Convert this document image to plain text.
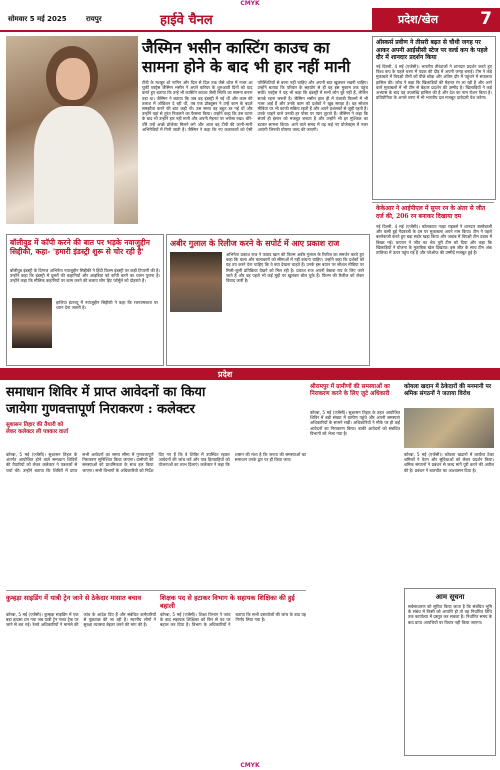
CMYK
सोमवार 5 मई 2025	रायपुर	हाईवे चैनल	प्रदेश/खेल 7
जैस्मिन भसीन कास्टिंग काउच का
सामना होने के बाद भी हार नहीं मानी
टीवी के मशहूर शो नागिन और दिल से दिल तक जैसे शोज में नजर आ चुकीं एक्ट्रेस जैस्मिन भसीन ने अपने करियर के शुरुआती दिनों को याद करते हुए बताया कि उन्हें भी कास्टिंग काउच जैसी स्थिति का सामना करना पड़ा था। जैस्मिन ने बताया कि जब वह इंडस्ट्री में नई थीं और काम की तलाश में ऑडिशन दे रही थीं, तब एक प्रोड्यूसर ने उन्हें काम के बदले समझौता करने की बात कही थी। उस समय वह बहुत डर गई थीं और उन्होंने वहां से तुरंत निकलने का फैसला किया। उन्होंने कहा कि उस घटना के बाद भी उन्होंने हार नहीं मानी और अपनी मेहनत पर भरोसा रखा। धीरे-धीरे उन्हें अच्छे प्रोजेक्ट मिलने लगे और आज वह टीवी की जानी-मानी अभिनेत्रियों में गिनी जाती हैं। जैस्मिन ने कहा कि नए कलाकारों को ऐसी परिस्थितियों से डरना नहीं चाहिए और अपनी बात खुलकर रखनी चाहिए। उन्होंने बताया कि परिवार के सहयोग से ही वह इस मुकाम तक पहुंच सकीं। एक्ट्रेस ने यह भी कहा कि इंडस्ट्री में सभी लोग बुरे नहीं हैं, लेकिन सतर्क रहना जरूरी है। जैस्मिन भसीन हाल ही में पंजाबी फिल्मों में भी नजर आई हैं और उनके काम को दर्शकों ने खूब सराहा है। वह सोशल मीडिया पर भी काफी सक्रिय रहती हैं और अपने प्रशंसकों से जुड़ी रहती हैं। उनके चाहने वाले उनकी हर पोस्ट पर प्यार लुटाते हैं। जैस्मिन ने कहा कि संघर्ष ही इंसान को मजबूत बनाता है और उन्होंने भी हर मुश्किल का डटकर सामना किया। आने वाले समय में वह कई नए प्रोजेक्ट्स में नजर आएंगी जिनकी घोषणा जल्द की जाएगी।
ऑस्कर्स प्रवीण ने तीसरी बढ़त से चौथी जगह पर आकर अपनी आईसीसी स्टेज पर वर्ल्ड कप के पहले दौर में शानदार प्रदर्शन किया
नई दिल्ली, 4 मई (एजेंसी)। भारतीय तीरंदाजों ने शानदार प्रदर्शन करते हुए विश्व कप के पहले चरण में पदक की दौड़ में अपनी जगह बनाई। टीम ने कड़े मुकाबले में विपक्षी टीमों को पीछे छोड़ा और अंतिम दौर में पहुंचने में सफलता हासिल की। कोच ने कहा कि खिलाड़ियों की मेहनत रंग ला रही है और आने वाले मुकाबलों में भी टीम से बेहतर प्रदर्शन की उम्मीद है। खिलाड़ियों ने कड़े अभ्यास के बाद यह उपलब्धि हासिल की है और देश का नाम रोशन किया है। प्रतियोगिता के अगले चरण में भी भारतीय दल मजबूत दावेदारी पेश करेगा।
केकेआर ने आईपीएल में सुपर रन के अंतर से जीत दर्ज की, 206 रन बनाकर दिखाया दम
नई दिल्ली, 4 मई (एजेंसी)। कोलकाता नाइट राइडर्स ने शानदार बल्लेबाजी और कसी हुई गेंदबाजी के दम पर मुकाबला अपने नाम किया। टीम ने पहले बल्लेबाजी करते हुए बड़ा स्कोर खड़ा किया और जवाब में विपक्षी टीम दबाव में बिखर गई। कप्तान ने जीत का श्रेय पूरी टीम को दिया और कहा कि खिलाड़ियों ने योजना के मुताबिक खेल दिखाया। इस जीत के साथ टीम अंक तालिका में ऊपर पहुंच गई है और प्लेऑफ की उम्मीदें मजबूत हुई हैं।
बॉलीवुड में कॉपी करने की बात पर भड़के नवाजुद्दीन सिद्दीकी, कहा- 'हमारी इंडस्ट्री शुरू से चोर रही है'
बॉलीवुड इंडस्ट्री के दिग्गज अभिनेता नवाजुद्दीन सिद्दीकी ने हिंदी फिल्म इंडस्ट्री पर कड़ी टिप्पणी की है। उन्होंने कहा कि इंडस्ट्री में दूसरों की कहानियों और आइडिया को कॉपी करने का चलन पुराना है। उन्होंने कहा कि मौलिक कहानियों पर काम करने की बजाय लोग हिट फॉर्मूले को दोहराते हैं।
हालिया इंटरव्यू में नवाजुद्दीन सिद्दीकी ने कहा कि रचनात्मकता पर ध्यान देना जरूरी है।
अबीर गुलाल के रिलीज करने के सपोर्ट में आए प्रकाश राज
अभिनेता प्रकाश राज ने फवाद खान की फिल्म अबीर गुलाल के रिलीज का समर्थन करते हुए कहा कि कला और कलाकारों को सीमाओं में नहीं बांधना चाहिए। उन्होंने कहा कि दर्शकों को यह तय करने देना चाहिए कि वे क्या देखना चाहते हैं। उनके इस बयान पर सोशल मीडिया पर मिली-जुली प्रतिक्रिया देखने को मिल रही है। प्रकाश राज अपनी बेबाक राय के लिए जाने जाते हैं और वह पहले भी कई मुद्दों पर खुलकर बोल चुके हैं। फिल्म की रिलीज को लेकर विवाद जारी है।
प्रदेश
समाधान शिविर में प्राप्त आवेदनों का किया
जायेगा गुणवत्तापूर्ण निराकरण : कलेक्टर
सुशासन तिहार की तैयारी को लेकर कलेक्टर ली पत्रकार वार्ता
कोरबा, 5 मई (एजेंसी)। सुशासन तिहार के अंतर्गत आयोजित होने वाले समाधान शिविरों की तैयारियों को लेकर कलेक्टर ने पत्रकारों से चर्चा की। उन्होंने बताया कि शिविरों में प्राप्त सभी आवेदनों का समय सीमा में गुणवत्तापूर्ण निराकरण सुनिश्चित किया जाएगा। ग्रामीणों की समस्याओं को प्राथमिकता के साथ हल किया जाएगा। सभी विभागों के अधिकारियों को निर्देश दिए गए हैं कि वे शिविर में उपस्थित रहकर आवेदनों की जांच करें और पात्र हितग्राहियों को योजनाओं का लाभ दिलाएं। कलेक्टर ने कहा कि शासन की मंशा है कि जनता की समस्याओं का समाधान उनके द्वार पर ही किया जाए।
श्रीरामपुर में ग्रामीणों की समस्याओं का निराकरण करने के लिए जुटे अधिकारी
कोरबा, 5 मई (एजेंसी)। सुशासन तिहार के तहत आयोजित शिविर में बड़ी संख्या में ग्रामीण पहुंचे और अपनी समस्याएं अधिकारियों के सामने रखीं। अधिकारियों ने मौके पर ही कई आवेदनों का निराकरण किया। बाकी आवेदनों को संबंधित विभागों को भेजा गया है।
कोयला खदान में ठेकेदारों की मनमानी पर श्रमिक संगठनों ने जताया विरोध
कोरबा, 5 मई (एजेंसी)। कोयला खदानों में कार्यरत ठेका श्रमिकों ने वेतन और सुविधाओं को लेकर प्रदर्शन किया। श्रमिक संगठनों ने प्रबंधन से जल्द मांगें पूरी करने की अपील की है। प्रबंधन ने बातचीत का आश्वासन दिया है।
कुम्हड़ा साइडिंग में यात्री ट्रेन जाने से ठेकेदार मासात बचाव
कोरबा, 5 मई (एजेंसी)। कुम्हड़ा साइडिंग में एक बड़ा हादसा टल गया जब यात्री ट्रेन गलत ट्रैक पर जाने से बच गई। रेलवे अधिकारियों ने मामले की जांच के आदेश दिए हैं और संबंधित कर्मचारियों से पूछताछ की जा रही है। स्थानीय लोगों ने सुरक्षा व्यवस्था बेहतर करने की मांग की है।
शिक्षक पद से हटाकर विभाग के सहायक शिक्षिका की हुई बहाली
कोरबा, 5 मई (एजेंसी)। शिक्षा विभाग ने जांच के बाद सहायक शिक्षिका को फिर से पद पर बहाल कर दिया है। विभाग के अधिकारियों ने बताया कि सभी दस्तावेजों की जांच के बाद यह निर्णय लिया गया है।
आम सूचना
सर्वसाधारण को सूचित किया जाता है कि संबंधित भूमि के संबंध में किसी को आपत्ति हो तो वह निर्धारित तिथि तक कार्यालय में प्रस्तुत कर सकता है। निर्धारित समय के बाद प्राप्त आपत्तियों पर विचार नहीं किया जाएगा।
CMYK
